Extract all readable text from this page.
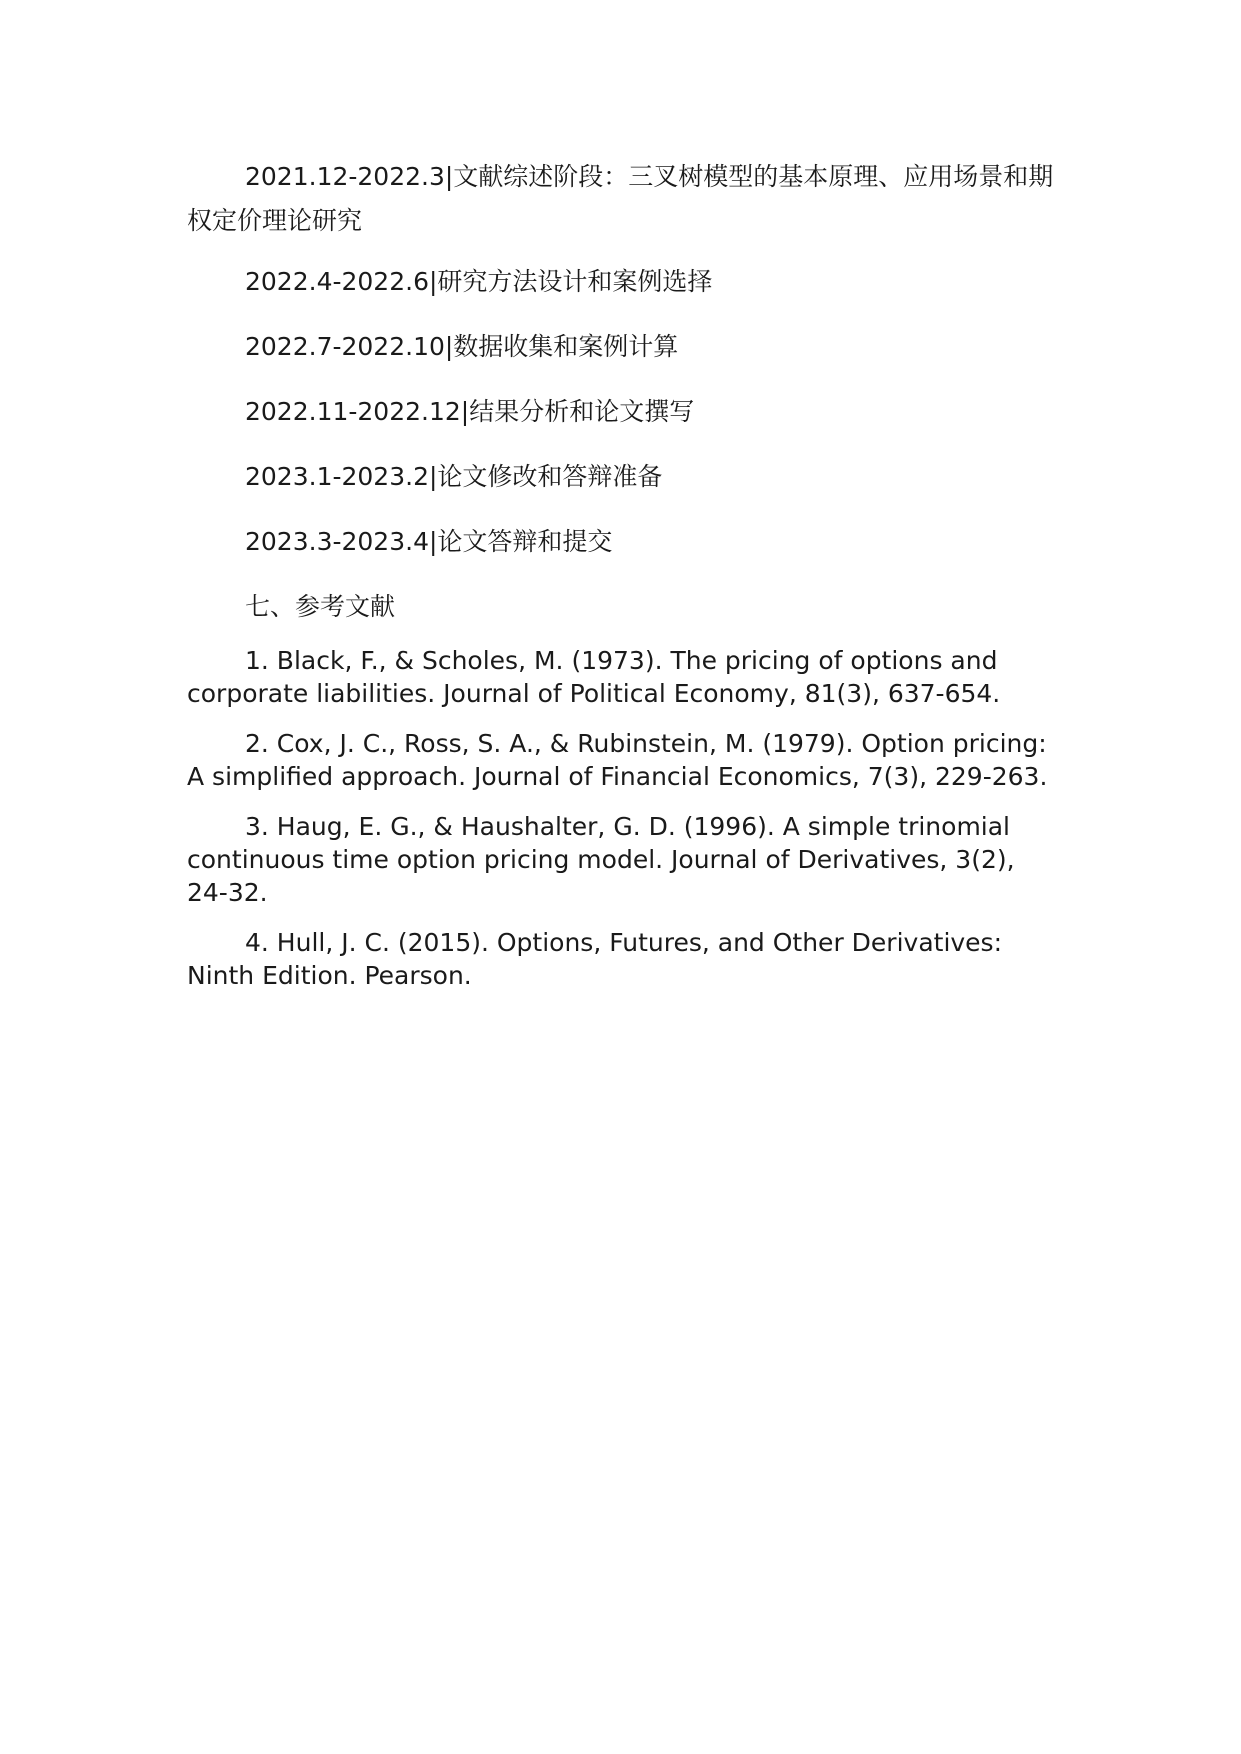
2021.12-2022.3|文献综述阶段：三叉树模型的基本原理、应用场景和期权定价理论研究

2022.4-2022.6|研究方法设计和案例选择

2022.7-2022.10|数据收集和案例计算

2022.11-2022.12|结果分析和论文撰写

2023.1-2023.2|论文修改和答辩准备

2023.3-2023.4|论文答辩和提交

七、参考文献

1. Black, F., & Scholes, M. (1973). The pricing of options and corporate liabilities. Journal of Political Economy, 81(3), 637-654.

2. Cox, J. C., Ross, S. A., & Rubinstein, M. (1979). Option pricing: A simplified approach. Journal of Financial Economics, 7(3), 229-263.

3. Haug, E. G., & Haushalter, G. D. (1996). A simple trinomial continuous time option pricing model. Journal of Derivatives, 3(2), 24-32.

4. Hull, J. C. (2015). Options, Futures, and Other Derivatives: Ninth Edition. Pearson.
